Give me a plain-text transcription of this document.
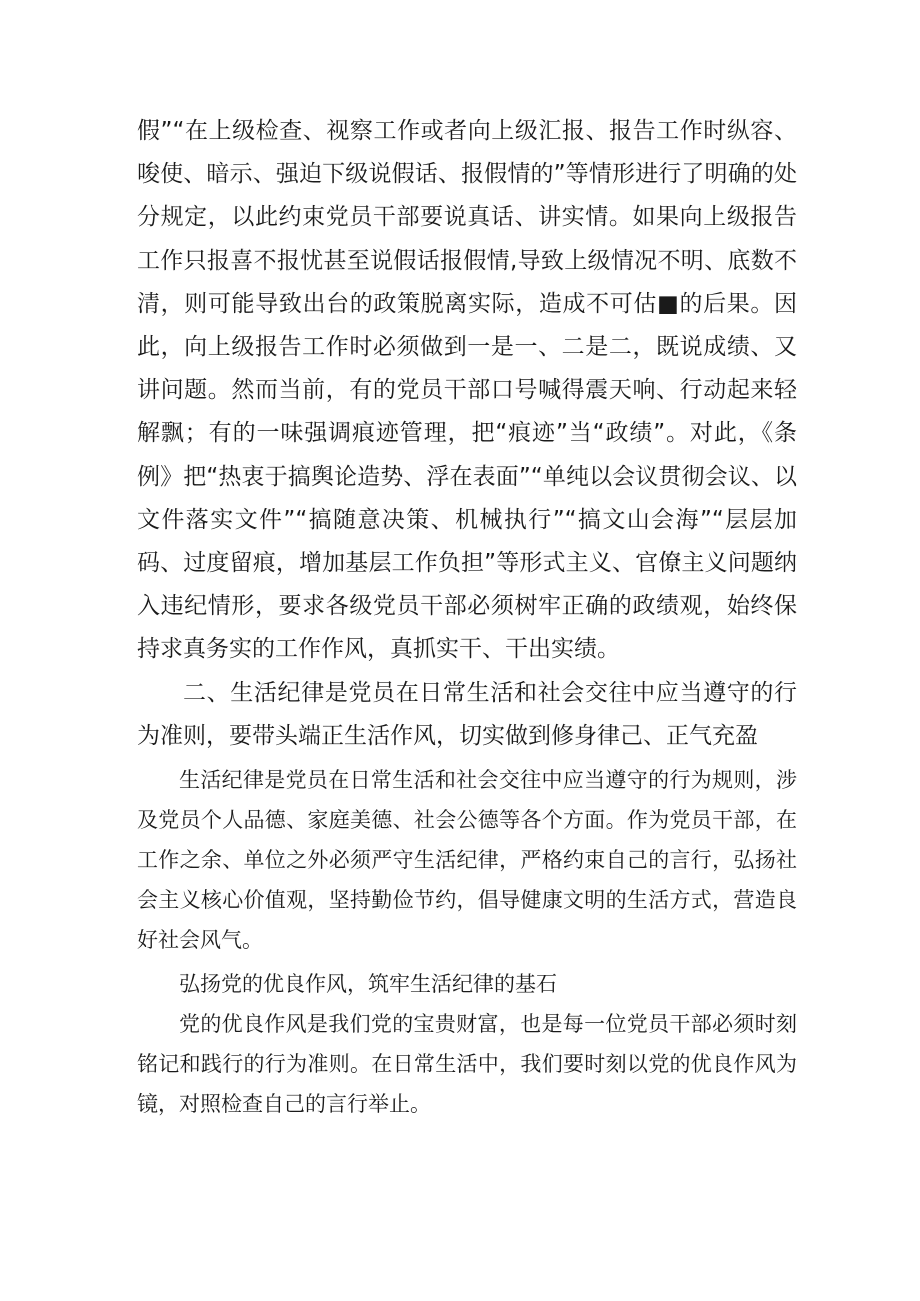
假”“在上级检查、视察工作或者向上级汇报、报告工作时纵容、唆使、暗示、强迫下级说假话、报假情的”等情形进行了明确的处分规定，以此约束党员干部要说真话、讲实情。如果向上级报告工作只报喜不报忧甚至说假话报假情,导致上级情况不明、底数不清，则可能导致出台的政策脱离实际，造成不可估■的后果。因此，向上级报告工作时必须做到一是一、二是二，既说成绩、又讲问题。然而当前，有的党员干部口号喊得震天响、行动起来轻解飘；有的一味强调痕迹管理，把“痕迹”当“政绩”。对此，《条例》把“热衷于搞舆论造势、浮在表面”“单纯以会议贯彻会议、以文件落实文件”“搞随意决策、机械执行”“搞文山会海”“层层加码、过度留痕，增加基层工作负担”等形式主义、官僚主义问题纳入违纪情形，要求各级党员干部必须树牢正确的政绩观，始终保持求真务实的工作作风，真抓实干、干出实绩。

二、生活纪律是党员在日常生活和社会交往中应当遵守的行为准则，要带头端正生活作风，切实做到修身律己、正气充盈

生活纪律是党员在日常生活和社会交往中应当遵守的行为规则，涉及党员个人品德、家庭美德、社会公德等各个方面。作为党员干部，在工作之余、单位之外必须严守生活纪律，严格约束自己的言行，弘扬社会主义核心价值观，坚持勤俭节约，倡导健康文明的生活方式，营造良好社会风气。

弘扬党的优良作风，筑牢生活纪律的基石

党的优良作风是我们党的宝贵财富，也是每一位党员干部必须时刻铭记和践行的行为准则。在日常生活中，我们要时刻以党的优良作风为镜，对照检查自己的言行举止。
